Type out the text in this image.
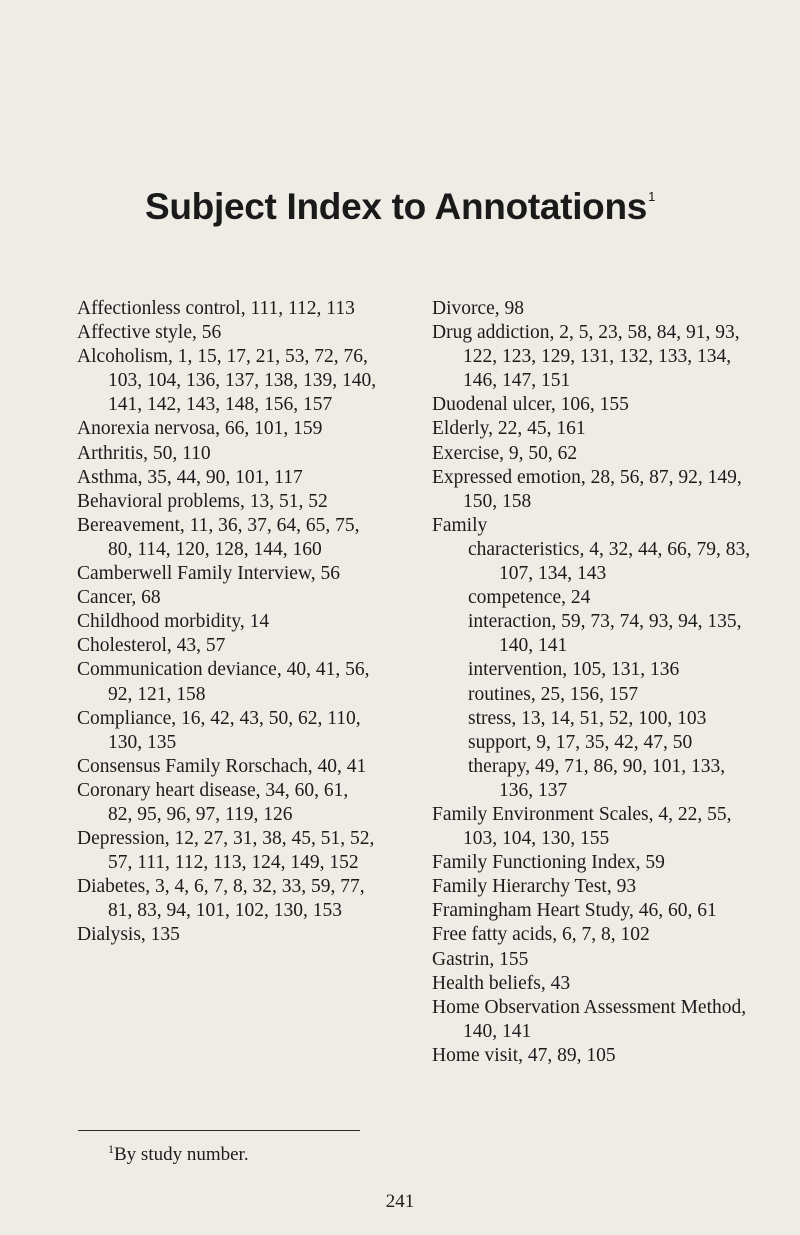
Subject Index to Annotations$^1$
Affectionless control, 111, 112, 113
Affective style, 56
Alcoholism, 1, 15, 17, 21, 53, 72, 76, 103, 104, 136, 137, 138, 139, 140, 141, 142, 143, 148, 156, 157
Anorexia nervosa, 66, 101, 159
Arthritis, 50, 110
Asthma, 35, 44, 90, 101, 117
Behavioral problems, 13, 51, 52
Bereavement, 11, 36, 37, 64, 65, 75, 80, 114, 120, 128, 144, 160
Camberwell Family Interview, 56
Cancer, 68
Childhood morbidity, 14
Cholesterol, 43, 57
Communication deviance, 40, 41, 56, 92, 121, 158
Compliance, 16, 42, 43, 50, 62, 110, 130, 135
Consensus Family Rorschach, 40, 41
Coronary heart disease, 34, 60, 61, 82, 95, 96, 97, 119, 126
Depression, 12, 27, 31, 38, 45, 51, 52, 57, 111, 112, 113, 124, 149, 152
Diabetes, 3, 4, 6, 7, 8, 32, 33, 59, 77, 81, 83, 94, 101, 102, 130, 153
Dialysis, 135
Divorce, 98
Drug addiction, 2, 5, 23, 58, 84, 91, 93, 122, 123, 129, 131, 132, 133, 134, 146, 147, 151
Duodenal ulcer, 106, 155
Elderly, 22, 45, 161
Exercise, 9, 50, 62
Expressed emotion, 28, 56, 87, 92, 149, 150, 158
Family
characteristics, 4, 32, 44, 66, 79, 83, 107, 134, 143
competence, 24
interaction, 59, 73, 74, 93, 94, 135, 140, 141
intervention, 105, 131, 136
routines, 25, 156, 157
stress, 13, 14, 51, 52, 100, 103
support, 9, 17, 35, 42, 47, 50
therapy, 49, 71, 86, 90, 101, 133, 136, 137
Family Environment Scales, 4, 22, 55, 103, 104, 130, 155
Family Functioning Index, 59
Family Hierarchy Test, 93
Framingham Heart Study, 46, 60, 61
Free fatty acids, 6, 7, 8, 102
Gastrin, 155
Health beliefs, 43
Home Observation Assessment Method, 140, 141
Home visit, 47, 89, 105
$^1$By study number.
241
